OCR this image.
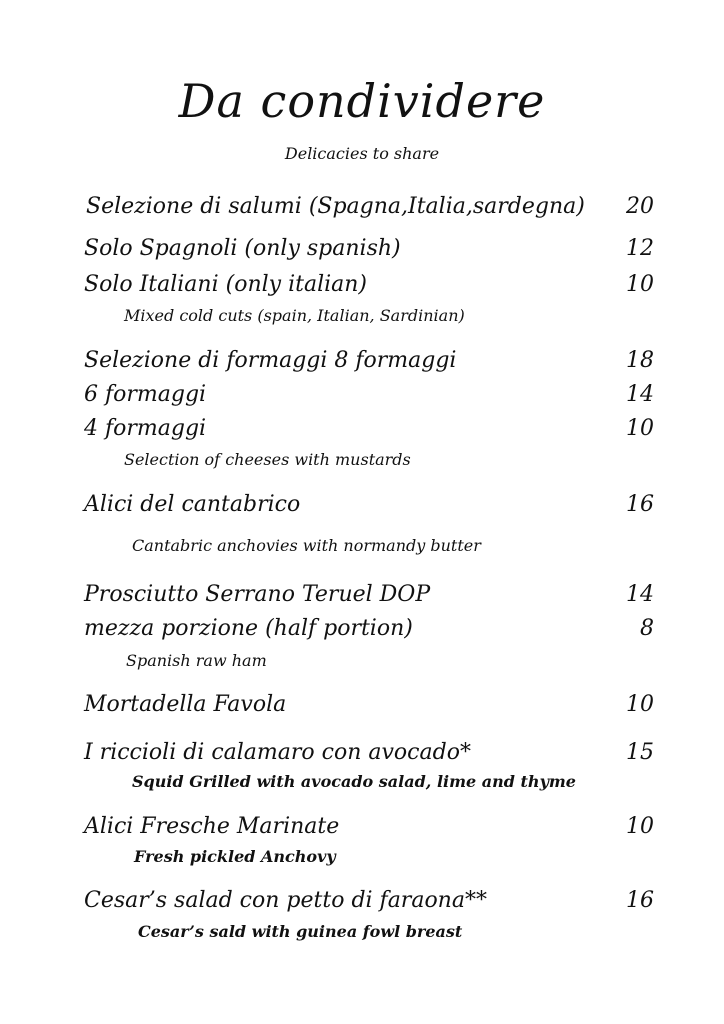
Da condividere
Delicacies to share
Selezione di salumi (Spagna,Italia,sardegna) 20
Solo Spagnoli (only spanish)	12
Solo Italiani (only italian)	10
Mixed cold cuts (spain, Italian, Sardinian)
Selezione di formaggi 8 formaggi	18
6 formaggi	14
4 formaggi	10
Selection of cheeses with mustards
Alici del cantabrico	16
Cantabric anchovies with normandy butter
Prosciutto Serrano Teruel DOP	14
mezza porzione (half portion)	8
Spanish raw ham
Mortadella Favola	10
I riccioli di calamaro con avocado*	15
Squid Grilled with avocado salad, lime and thyme
Alici Fresche Marinate	10
Fresh pickled Anchovy
Cesar’s salad con petto di faraona**	16
Cesar’s sald with guinea fowl breast
